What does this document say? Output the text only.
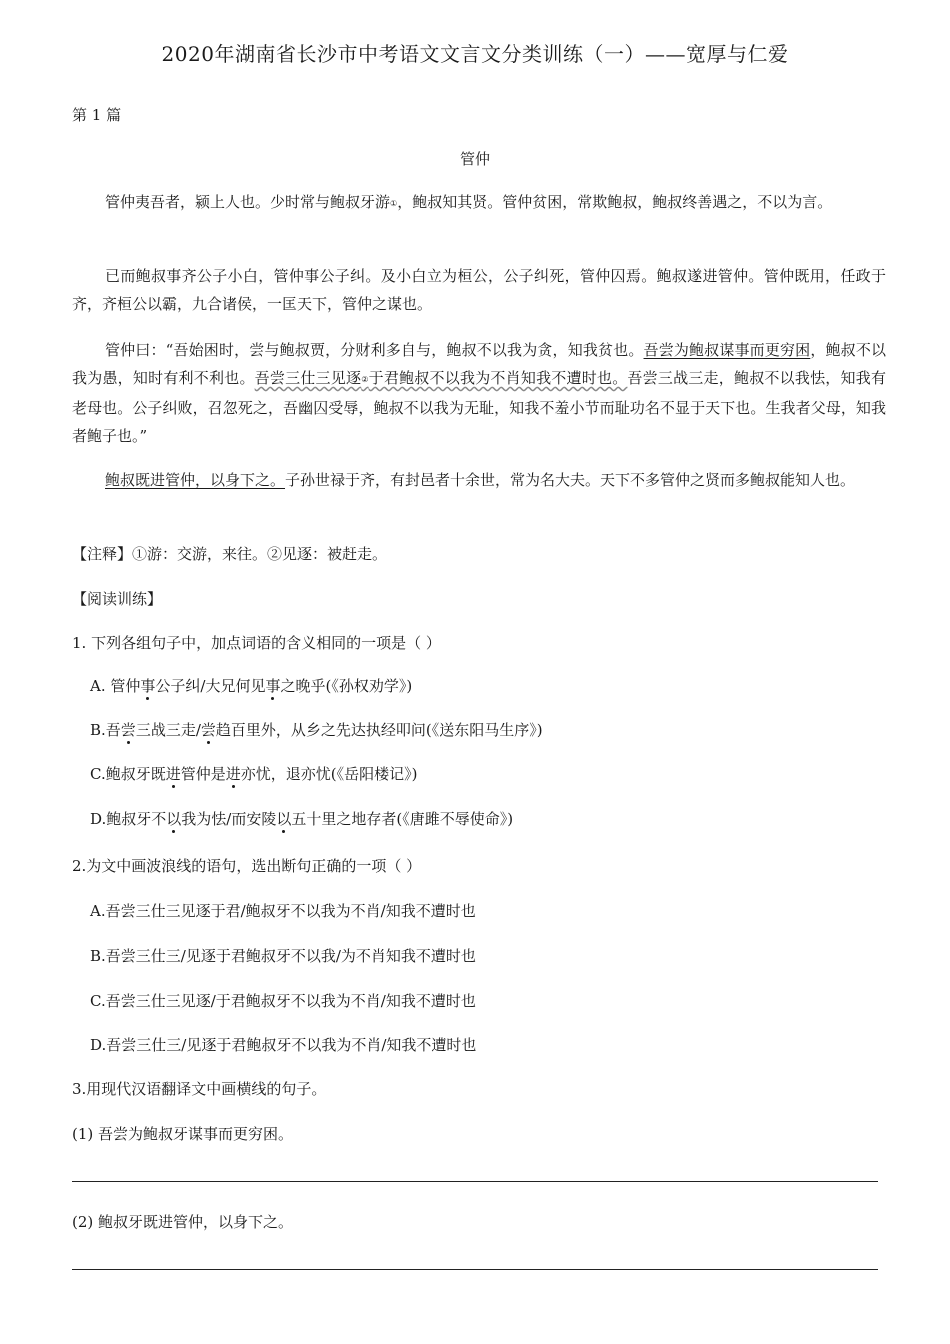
2020年湖南省长沙市中考语文文言文分类训练（一）——宽厚与仁爱
第 1 篇
管仲
管仲夷吾者，颍上人也。少时常与鲍叔牙游①，鲍叔知其贤。管仲贫困，常欺鲍叔，鲍叔终善遇之，不以为言。
已而鲍叔事齐公子小白，管仲事公子纠。及小白立为桓公，公子纠死，管仲囚焉。鲍叔遂进管仲。管仲既用，任政于齐，齐桓公以霸，九合诸侯，一匡天下，管仲之谋也。
管仲曰：“吾始困时，尝与鲍叔贾，分财利多自与，鲍叔不以我为贪，知我贫也。吾尝为鲍叔谋事而更穷困，鲍叔不以我为愚，知时有利不利也。吾尝三仕三见逐②于君鲍叔不以我为不肖知我不遭时也。吾尝三战三走，鲍叔不以我怯，知我有老母也。公子纠败，召忽死之，吾幽囚受辱，鲍叔不以我为无耻，知我不羞小节而耻功名不显于天下也。生我者父母，知我者鲍子也。”
鲍叔既进管仲，以身下之。子孙世禄于齐，有封邑者十余世，常为名大夫。天下不多管仲之贤而多鲍叔能知人也。
【注释】①游：交游，来往。②见逐：被赶走。
【阅读训练】
1. 下列各组句子中，加点词语的含义相同的一项是（ ）
A. 管仲事公子纠/大兄何见事之晚乎(《孙权劝学》)
B.吾尝三战三走/尝趋百里外，从乡之先达执经叩问(《送东阳马生序》)
C.鲍叔牙既进管仲是进亦忧，退亦忧(《岳阳楼记》)
D.鲍叔牙不以我为怯/而安陵以五十里之地存者(《唐雎不辱使命》)
2.为文中画波浪线的语句，选出断句正确的一项（ ）
A.吾尝三仕三见逐于君/鲍叔牙不以我为不肖/知我不遭时也
B.吾尝三仕三/见逐于君鲍叔牙不以我/为不肖知我不遭时也
C.吾尝三仕三见逐/于君鲍叔牙不以我为不肖/知我不遭时也
D.吾尝三仕三/见逐于君鲍叔牙不以我为不肖/知我不遭时也
3.用现代汉语翻译文中画横线的句子。
(1) 吾尝为鲍叔牙谋事而更穷困。
(2) 鲍叔牙既进管仲，以身下之。
